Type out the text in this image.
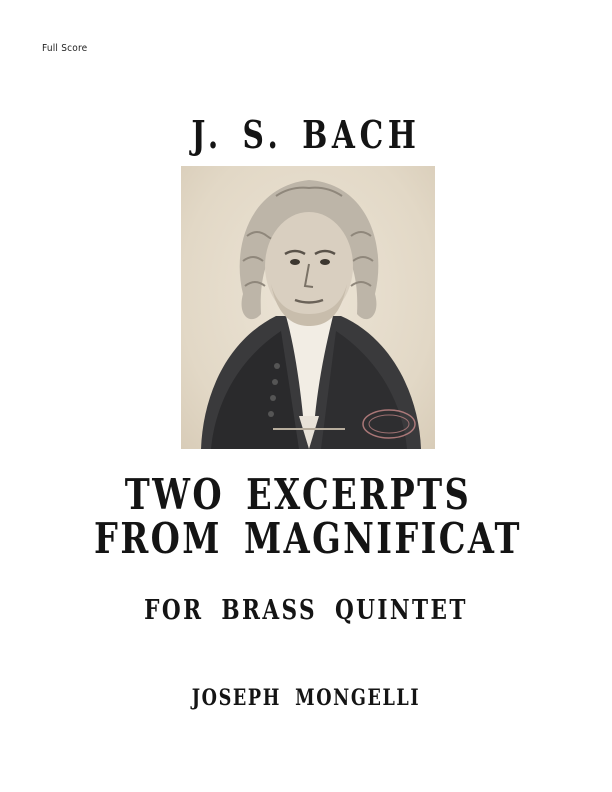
Full Score
J. S. BACH
TWO EXCERPTS
FROM MAGNIFICAT
FOR BRASS QUINTET
JOSEPH MONGELLI
